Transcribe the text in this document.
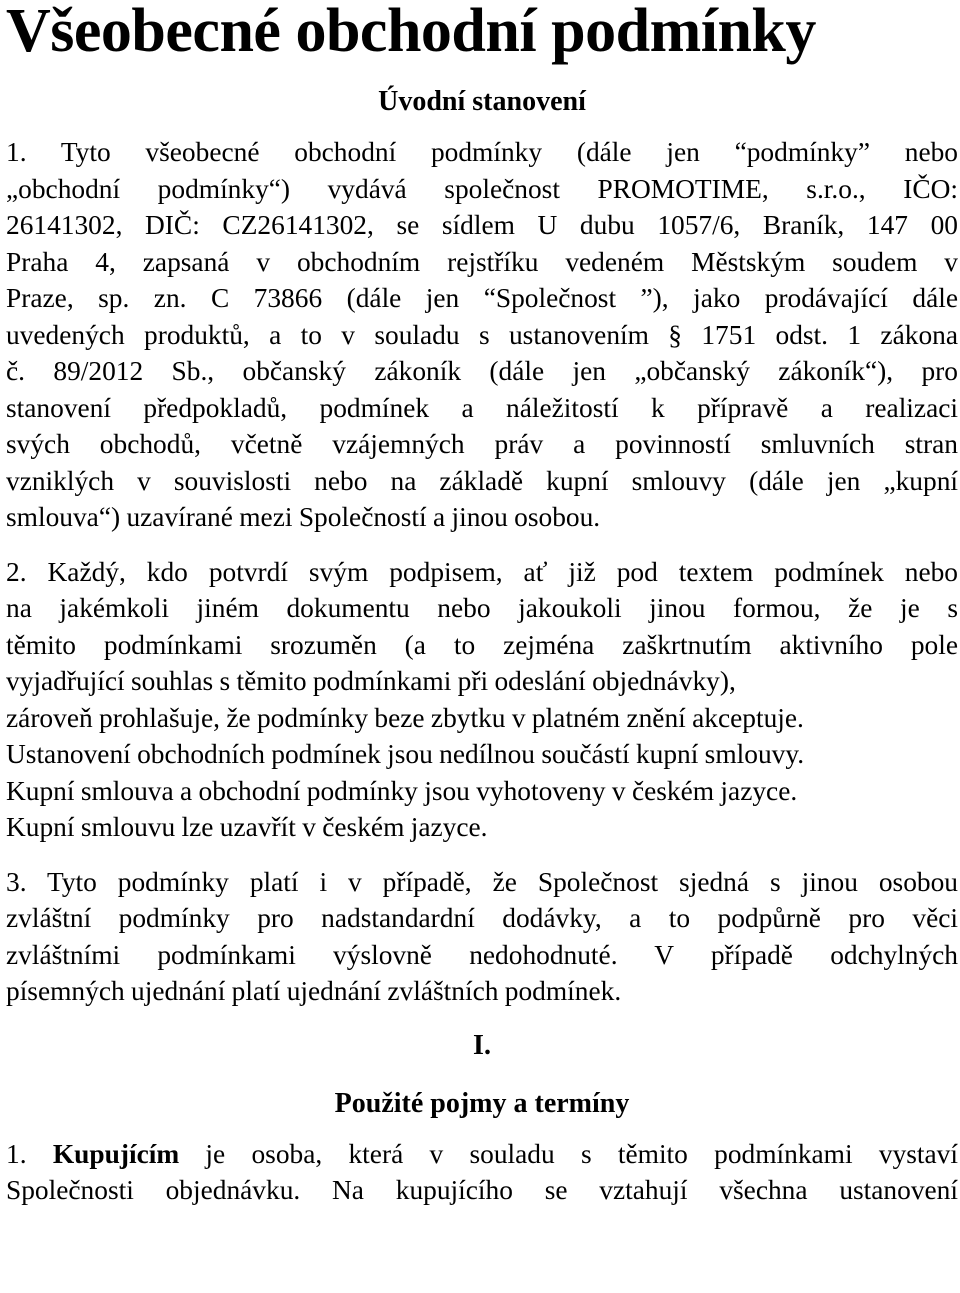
Všeobecné obchodní podmínky
Úvodní stanovení
1. Tyto všeobecné obchodní podmínky (dále jen “podmínky” nebo
„obchodní podmínky“) vydává společnost PROMOTIME, s.r.o., IČO:
26141302, DIČ: CZ26141302, se sídlem U dubu 1057/6, Braník, 147 00
Praha 4, zapsaná v obchodním rejstříku vedeném Městským soudem v
Praze, sp. zn. C 73866 (dále jen “Společnost ”), jako prodávající dále
uvedených produktů, a to v souladu s ustanovením § 1751 odst. 1 zákona
č. 89/2012 Sb., občanský zákoník (dále jen „občanský zákoník“), pro
stanovení předpokladů, podmínek a náležitostí k přípravě a realizaci
svých obchodů, včetně vzájemných práv a povinností smluvních stran
vzniklých v souvislosti nebo na základě kupní smlouvy (dále jen „kupní
smlouva“) uzavírané mezi Společností a jinou osobou.
2. Každý, kdo potvrdí svým podpisem, ať již pod textem podmínek nebo
na jakémkoli jiném dokumentu nebo jakoukoli jinou formou, že je s
těmito podmínkami srozuměn (a to zejména zaškrtnutím aktivního pole
vyjadřující souhlas s těmito podmínkami při odeslání objednávky),
zároveň prohlašuje, že podmínky beze zbytku v platném znění akceptuje.
Ustanovení obchodních podmínek jsou nedílnou součástí kupní smlouvy.
Kupní smlouva a obchodní podmínky jsou vyhotoveny v českém jazyce.
Kupní smlouvu lze uzavřít v českém jazyce.
3. Tyto podmínky platí i v případě, že Společnost sjedná s jinou osobou
zvláštní podmínky pro nadstandardní dodávky, a to podpůrně pro věci
zvláštními podmínkami výslovně nedohodnuté. V případě odchylných
písemných ujednání platí ujednání zvláštních podmínek.
I.
Použité pojmy a termíny
1. Kupujícím je osoba, která v souladu s těmito podmínkami vystaví
Společnosti objednávku. Na kupujícího se vztahují všechna ustanovení
